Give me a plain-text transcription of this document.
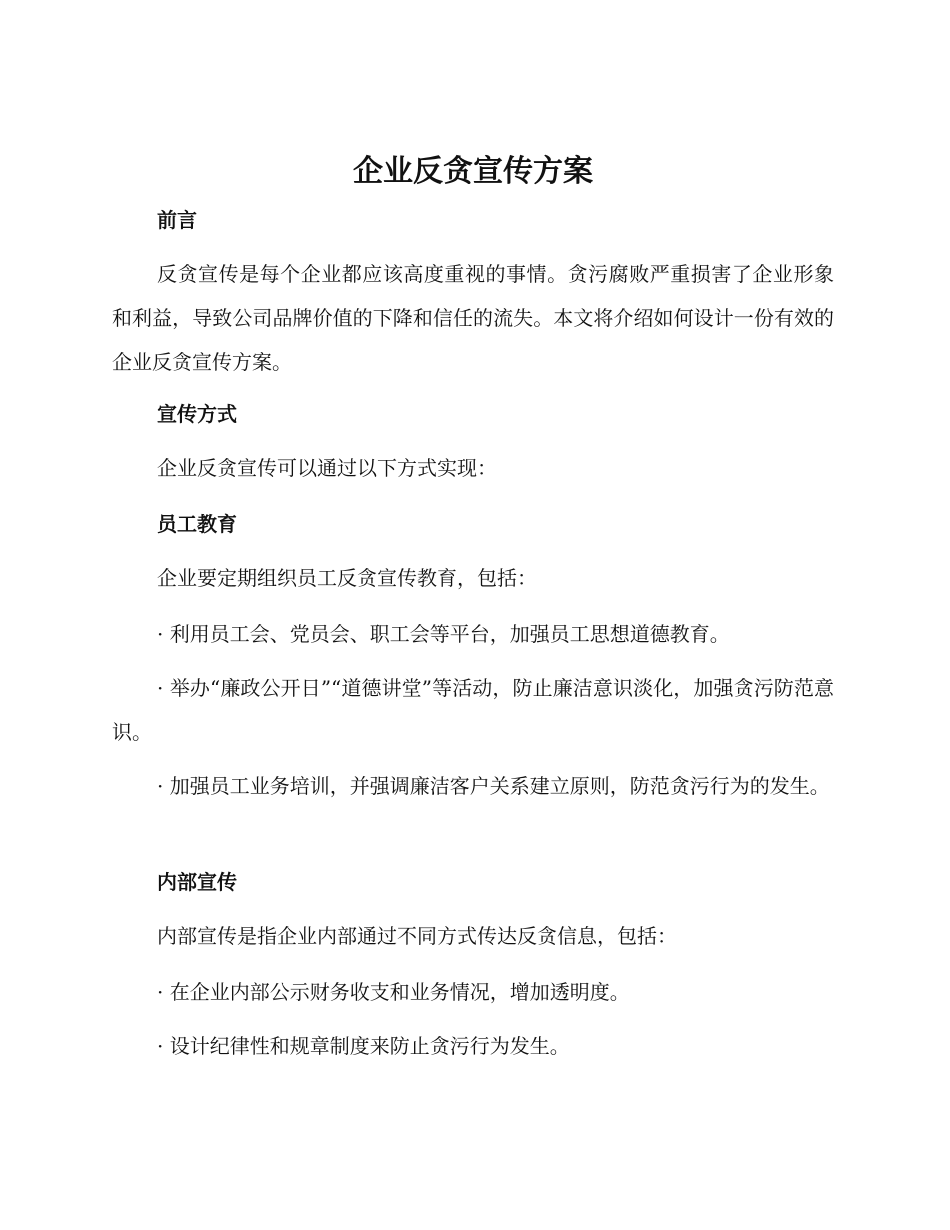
企业反贪宣传方案
前言

反贪宣传是每个企业都应该高度重视的事情。贪污腐败严重损害了企业形象和利益，导致公司品牌价值的下降和信任的流失。本文将介绍如何设计一份有效的企业反贪宣传方案。

宣传方式

企业反贪宣传可以通过以下方式实现：

员工教育

企业要定期组织员工反贪宣传教育，包括：

· 利用员工会、党员会、职工会等平台，加强员工思想道德教育。

· 举办“廉政公开日”“道德讲堂”等活动，防止廉洁意识淡化，加强贪污防范意识。

· 加强员工业务培训，并强调廉洁客户关系建立原则，防范贪污行为的发生。

内部宣传

内部宣传是指企业内部通过不同方式传达反贪信息，包括：

· 在企业内部公示财务收支和业务情况，增加透明度。

· 设计纪律性和规章制度来防止贪污行为发生。
